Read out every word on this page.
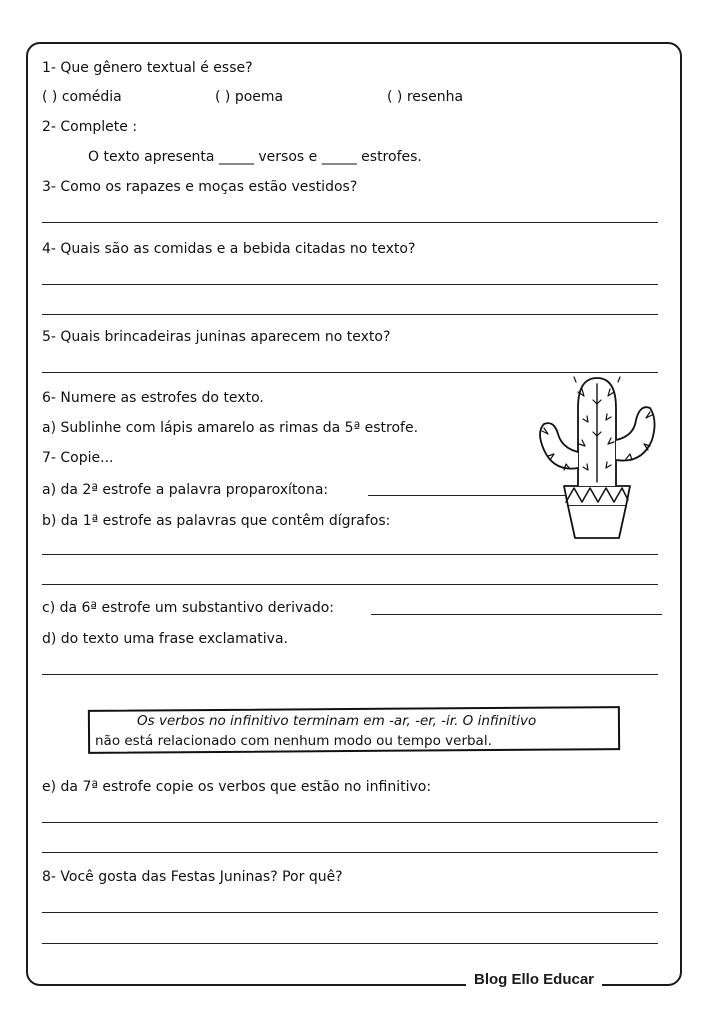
Blog Ello Educar
1- Que gênero textual é esse?
( ) comédia	( ) poema	( ) resenha
2- Complete :
O texto apresenta _____ versos e _____ estrofes.
3- Como os rapazes e moças estão vestidos?
4- Quais são as comidas e a bebida citadas no texto?
5- Quais brincadeiras juninas aparecem no texto?
6- Numere as estrofes do texto.
a) Sublinhe com lápis amarelo as rimas da 5ª estrofe.
7- Copie...
a) da 2ª estrofe a palavra proparoxítona:
b) da 1ª estrofe as palavras que contêm dígrafos:
c) da 6ª estrofe um substantivo derivado:
d) do texto uma frase exclamativa.
Os verbos no infinitivo terminam em -ar, -er, -ir. O infinitivo
não está relacionado com nenhum modo ou tempo verbal.
e) da 7ª estrofe copie os verbos que estão no infinitivo:
8- Você gosta das Festas Juninas? Por quê?
